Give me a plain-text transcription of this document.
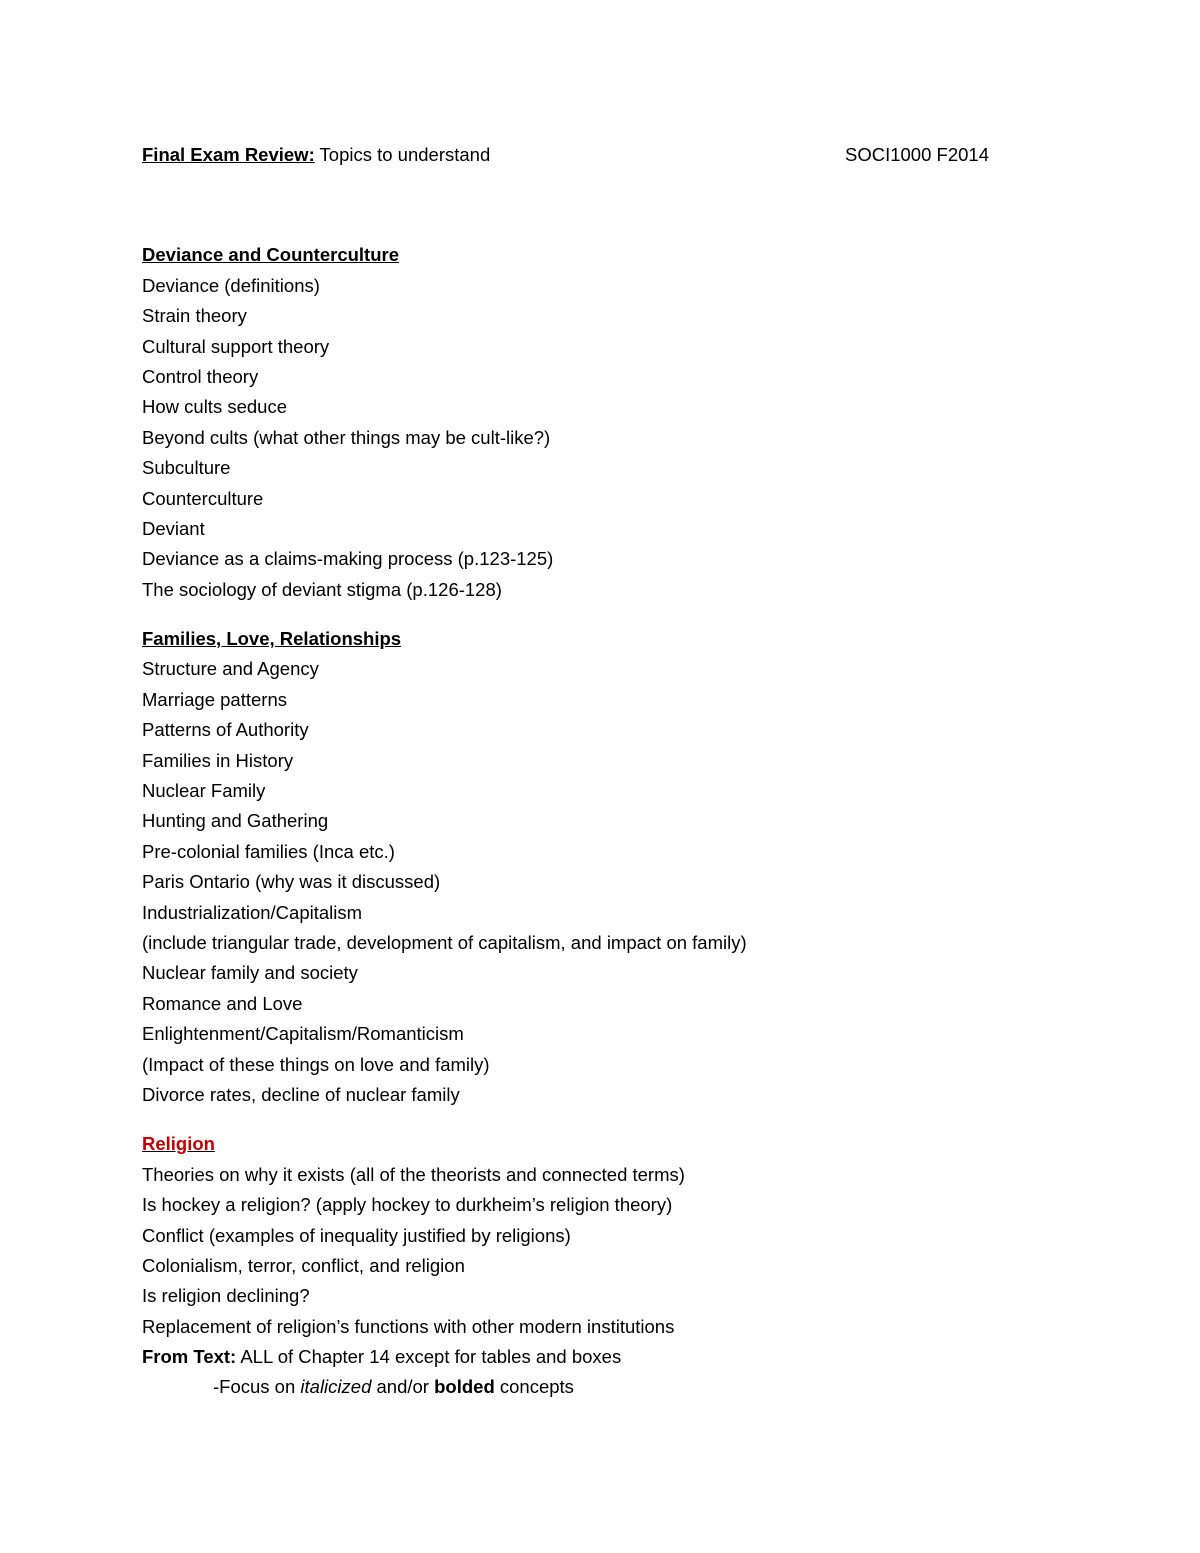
Final Exam Review: Topics to understand	SOCI1000 F2014
Deviance and Counterculture
Deviance (definitions)
Strain theory
Cultural support theory
Control theory
How cults seduce
Beyond cults (what other things may be cult-like?)
Subculture
Counterculture
Deviant
Deviance as a claims-making process (p.123-125)
The sociology of deviant stigma (p.126-128)
Families, Love, Relationships
Structure and Agency
Marriage patterns
Patterns of Authority
Families in History
Nuclear Family
Hunting and Gathering
Pre-colonial families (Inca etc.)
Paris Ontario (why was it discussed)
Industrialization/Capitalism
(include triangular trade, development of capitalism, and impact on family)
Nuclear family and society
Romance and Love
Enlightenment/Capitalism/Romanticism
(Impact of these things on love and family)
Divorce rates, decline of nuclear family
Religion
Theories on why it exists (all of the theorists and connected terms)
Is hockey a religion? (apply hockey to durkheim’s religion theory)
Conflict (examples of inequality justified by religions)
Colonialism, terror, conflict, and religion
Is religion declining?
Replacement of religion’s functions with other modern institutions
From Text: ALL of Chapter 14 except for tables and boxes
-Focus on italicized and/or bolded concepts
